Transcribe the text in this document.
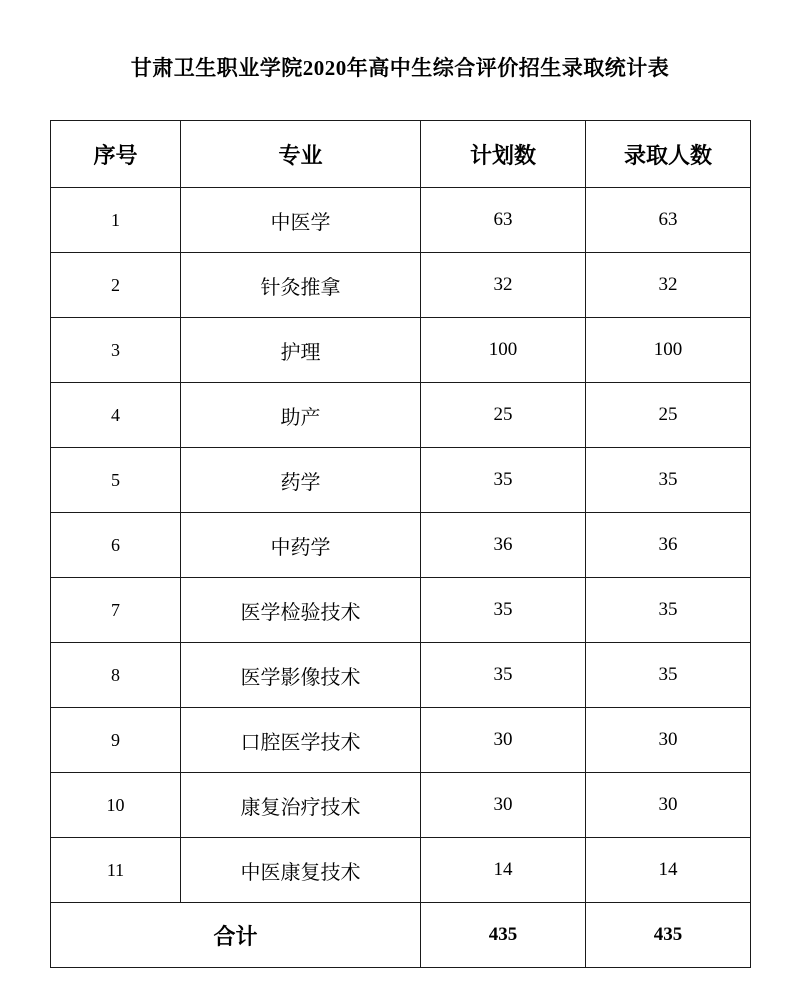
甘肃卫生职业学院2020年高中生综合评价招生录取统计表
序号	专业	计划数	录取人数
1	中医学	63	63
2	针灸推拿	32	32
3	护理	100	100
4	助产	25	25
5	药学	35	35
6	中药学	36	36
7	医学检验技术	35	35
8	医学影像技术	35	35
9	口腔医学技术	30	30
10	康复治疗技术	30	30
11	中医康复技术	14	14
合计		435	435
